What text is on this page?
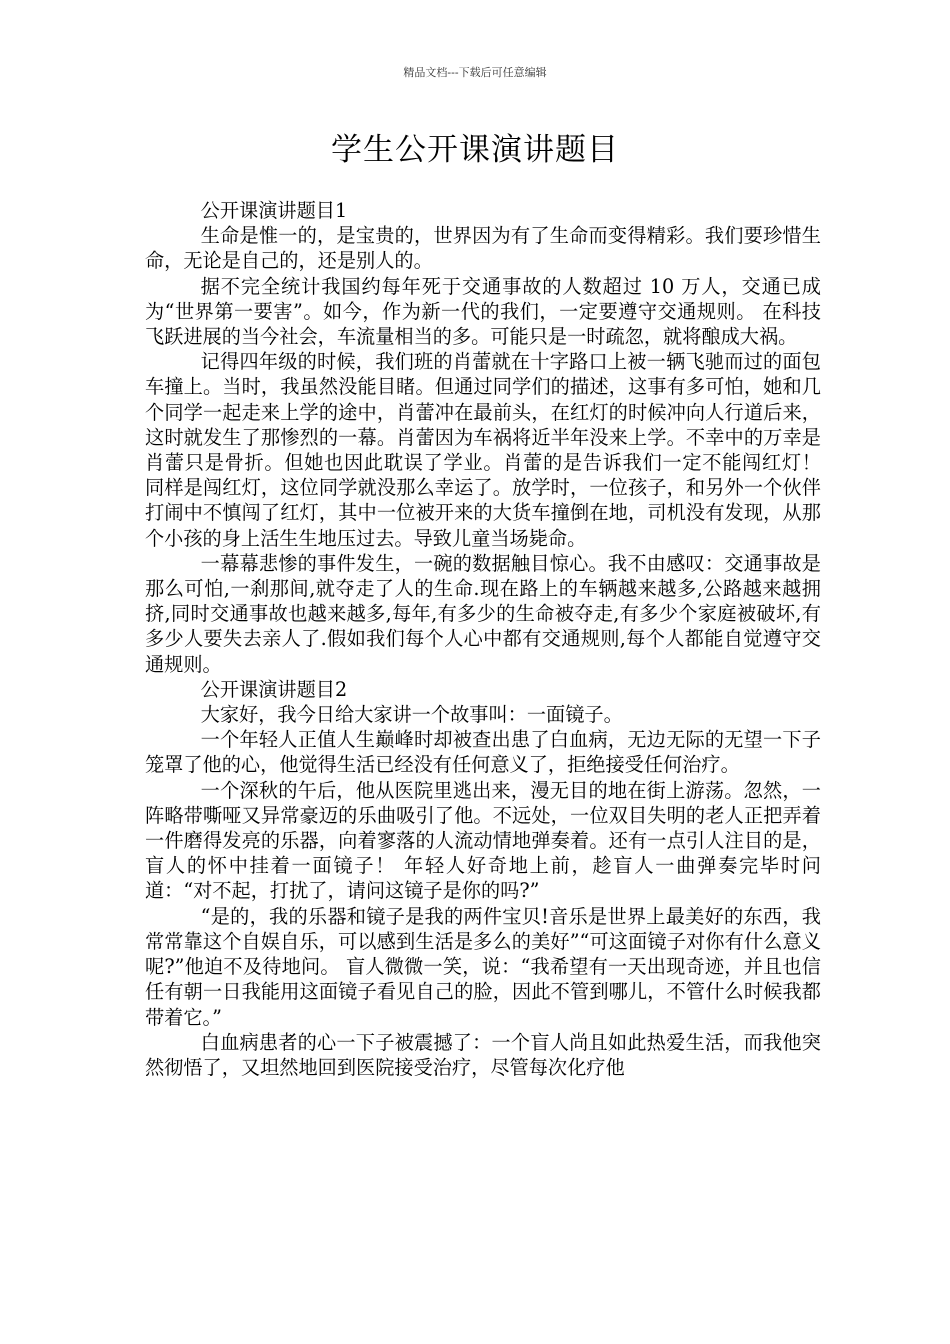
精品文档---下载后可任意编辑
学生公开课演讲题目

公开课演讲题目1

生命是惟一的，是宝贵的，世界因为有了生命而变得精彩。我们要珍惜生命，无论是自己的，还是别人的。

据不完全统计我国约每年死于交通事故的人数超过 10 万人，交通已成为“世界第一要害”。如今，作为新一代的我们，一定要遵守交通规则。 在科技飞跃进展的当今社会，车流量相当的多。可能只是一时疏忽，就将酿成大祸。

记得四年级的时候，我们班的肖蕾就在十字路口上被一辆飞驰而过的面包车撞上。当时，我虽然没能目睹。但通过同学们的描述，这事有多可怕，她和几个同学一起走来上学的途中，肖蕾冲在最前头，在红灯的时候冲向人行道后来，这时就发生了那惨烈的一幕。肖蕾因为车祸将近半年没来上学。不幸中的万幸是肖蕾只是骨折。但她也因此耽误了学业。肖蕾的是告诉我们一定不能闯红灯！ 同样是闯红灯，这位同学就没那么幸运了。放学时，一位孩子，和另外一个伙伴打闹中不慎闯了红灯，其中一位被开来的大货车撞倒在地，司机没有发现，从那个小孩的身上活生生地压过去。导致儿童当场毙命。

一幕幕悲惨的事件发生，一碗的数据触目惊心。我不由感叹：交通事故是那么可怕,一刹那间,就夺走了人的生命.现在路上的车辆越来越多,公路越来越拥挤,同时交通事故也越来越多,每年,有多少的生命被夺走,有多少个家庭被破坏,有多少人要失去亲人了.假如我们每个人心中都有交通规则,每个人都能自觉遵守交通规则。

公开课演讲题目2

大家好，我今日给大家讲一个故事叫：一面镜子。

一个年轻人正值人生巅峰时却被查出患了白血病，无边无际的无望一下子笼罩了他的心，他觉得生活已经没有任何意义了，拒绝接受任何治疗。

一个深秋的午后，他从医院里逃出来，漫无目的地在街上游荡。忽然，一阵略带嘶哑又异常豪迈的乐曲吸引了他。不远处，一位双目失明的老人正把弄着一件磨得发亮的乐器，向着寥落的人流动情地弹奏着。还有一点引人注目的是，盲人的怀中挂着一面镜子！ 年轻人好奇地上前，趁盲人一曲弹奏完毕时问道：“对不起，打扰了，请问这镜子是你的吗?”

“是的，我的乐器和镜子是我的两件宝贝!音乐是世界上最美好的东西，我常常靠这个自娱自乐，可以感到生活是多么的美好”“可这面镜子对你有什么意义呢?”他迫不及待地问。 盲人微微一笑，说：“我希望有一天出现奇迹，并且也信任有朝一日我能用这面镜子看见自己的脸，因此不管到哪儿，不管什么时候我都带着它。”

白血病患者的心一下子被震撼了：一个盲人尚且如此热爱生活，而我他突然彻悟了，又坦然地回到医院接受治疗，尽管每次化疗他
